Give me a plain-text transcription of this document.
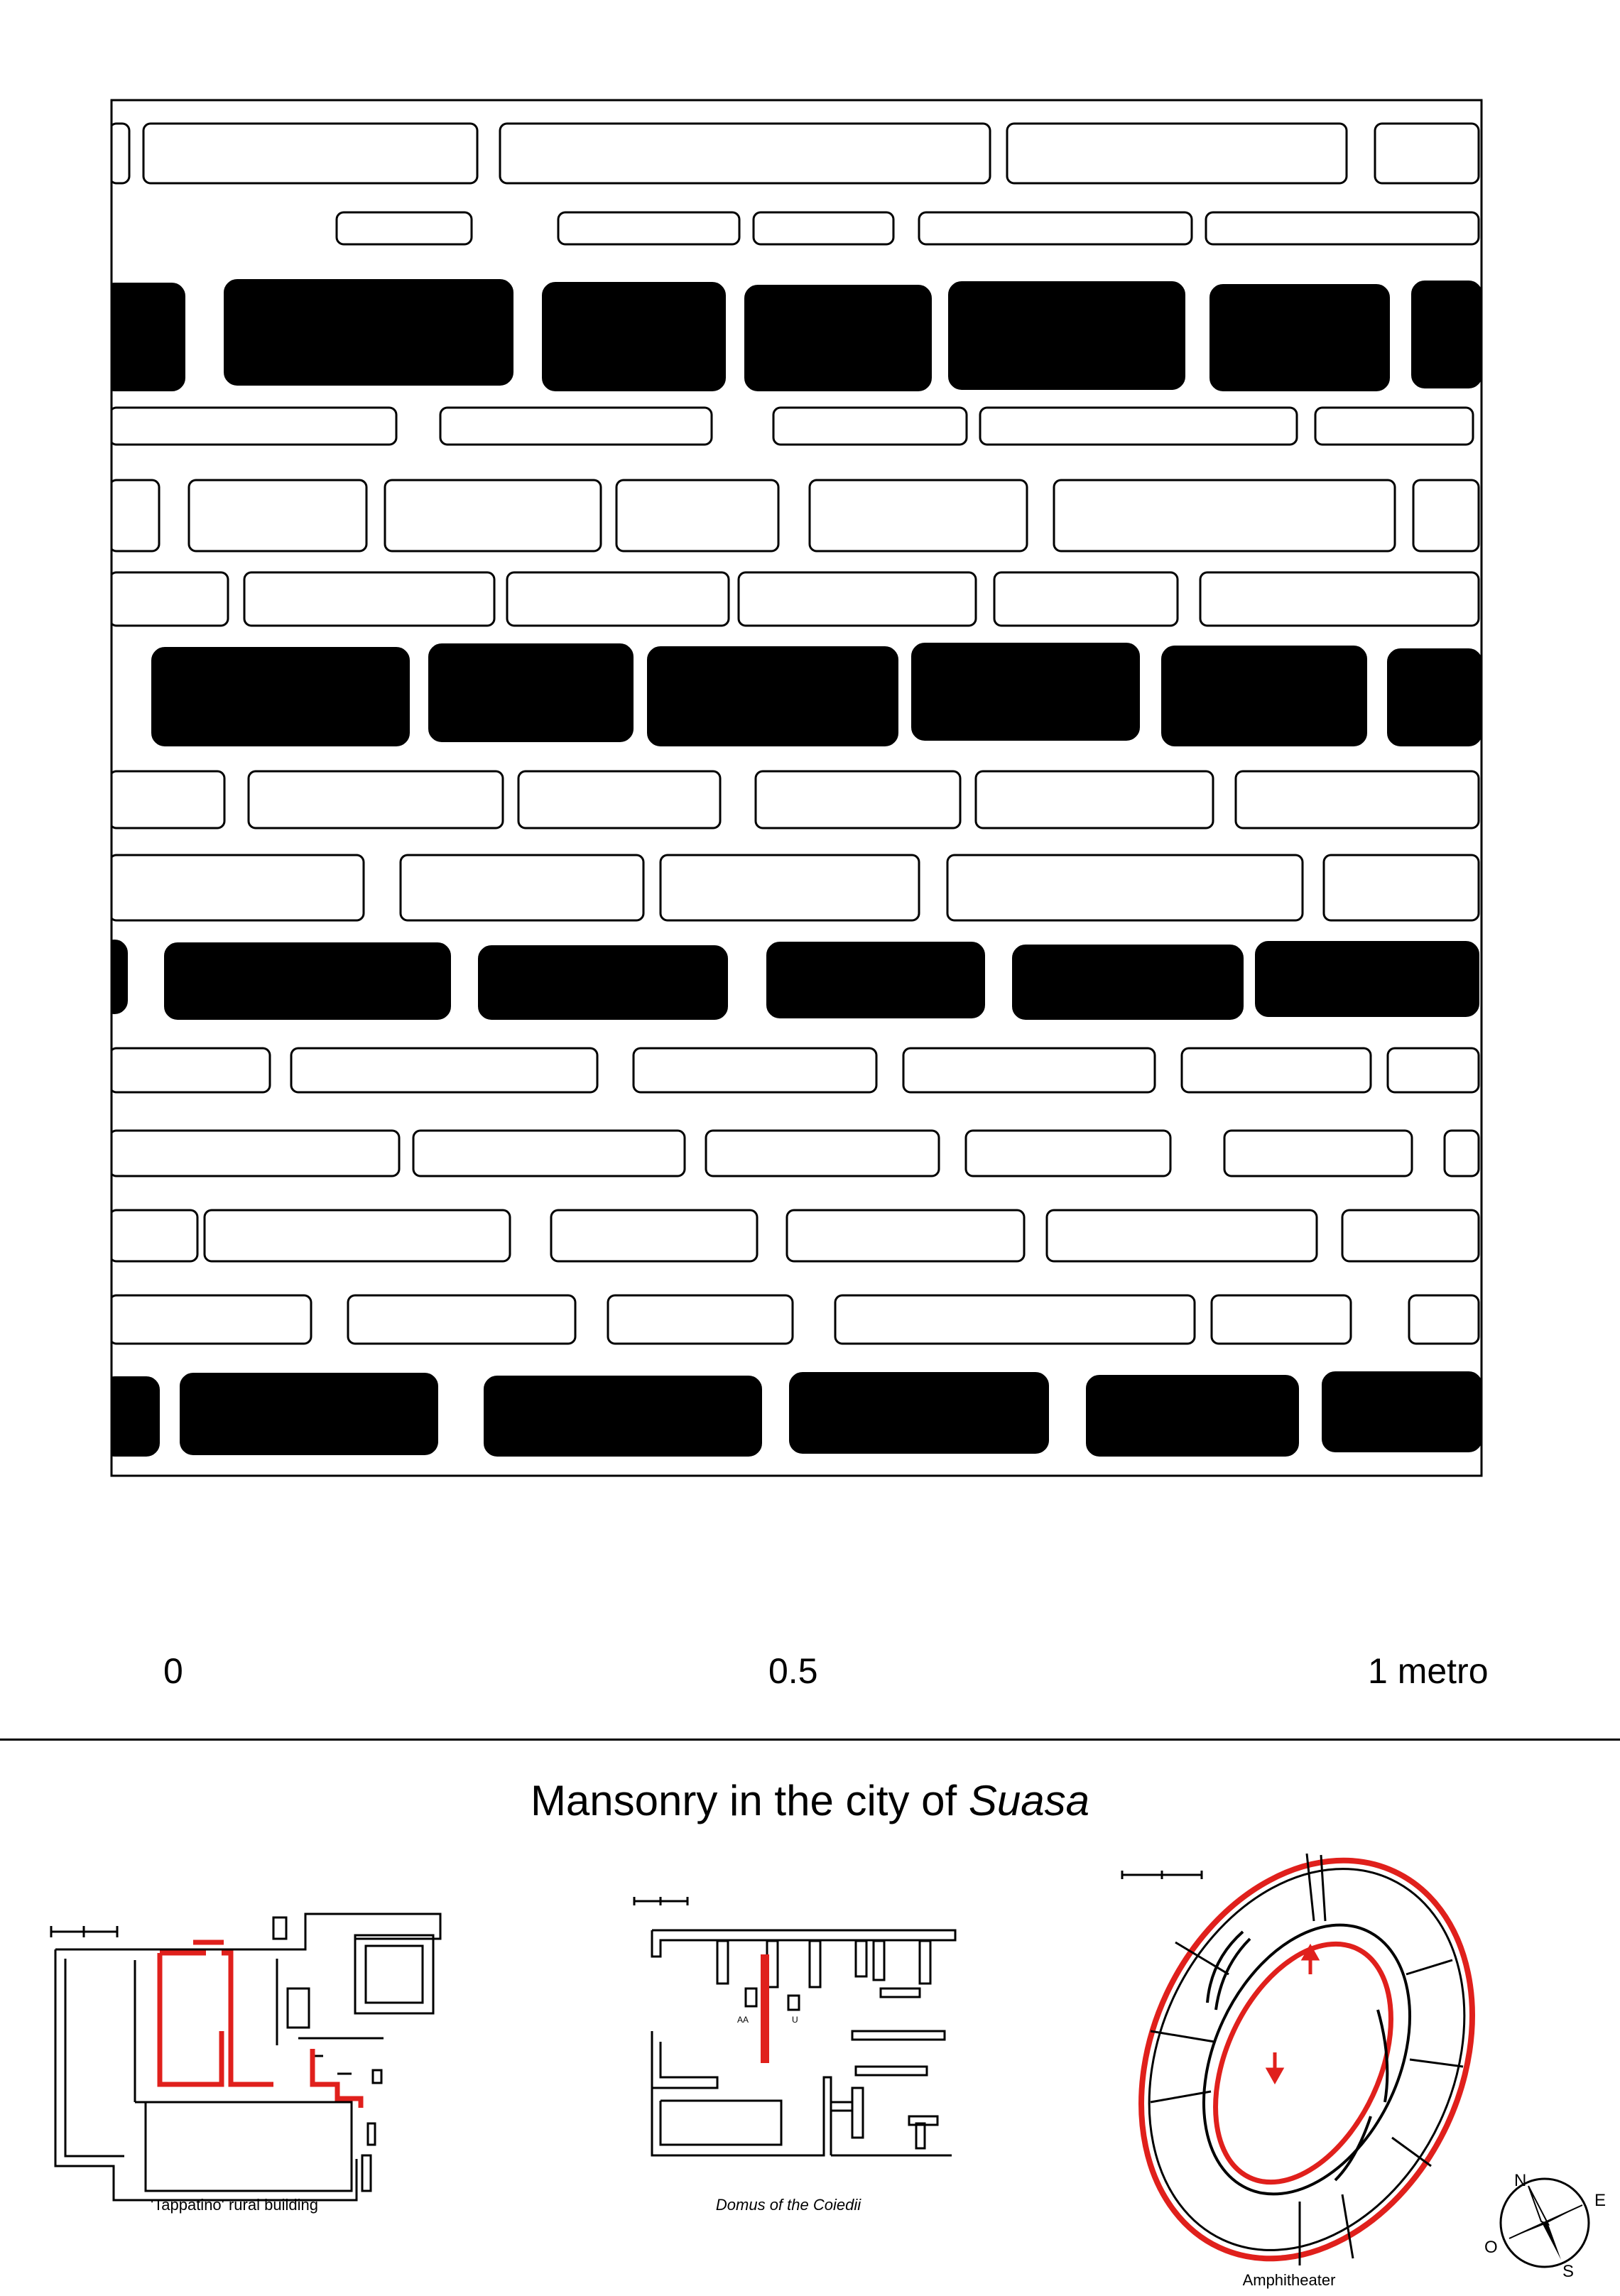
0	0.5	1 metro
Mansonry in the city of Suasa
AA	U
N
E
S
O
'Tappatino' rural building	Domus of the Coiedii
Amphitheater
